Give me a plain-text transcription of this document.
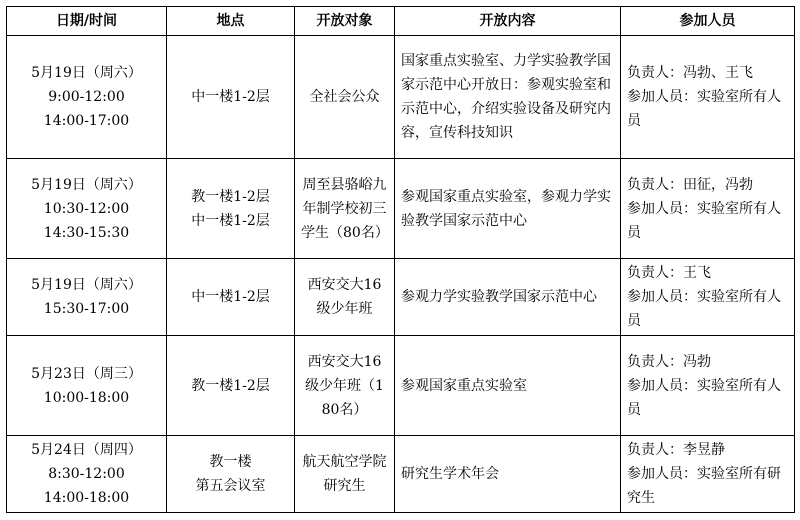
日期/时间	地点	开放对象	开放内容	参加人员

5月19日（周六）
9:00-12:00
14:00-17:00	中一楼1-2层	全社会公众	国家重点实验室、力学实验教学国家示范中心开放日：参观实验室和示范中心，介绍实验设备及研究内容，宣传科技知识	负责人：冯勃、王飞
参加人员：实验室所有人员

5月19日（周六）
10:30-12:00
14:30-15:30	教一楼1-2层
中一楼1-2层	周至县骆峪九年制学校初三学生（80名）	参观国家重点实验室，参观力学实验教学国家示范中心	负责人：田征，冯勃
参加人员：实验室所有人员

5月19日（周六）
15:30-17:00	中一楼1-2层	西安交大16级少年班	参观力学实验教学国家示范中心	负责人：王飞
参加人员：实验室所有人员

5月23日（周三）
10:00-18:00	教一楼1-2层	西安交大16级少年班（180名）	参观国家重点实验室	负责人：冯勃
参加人员：实验室所有人员

5月24日（周四）
8:30-12:00
14:00-18:00	教一楼
第五会议室	航天航空学院研究生	研究生学术年会	负责人：李昱静
参加人员：实验室所有研究生
